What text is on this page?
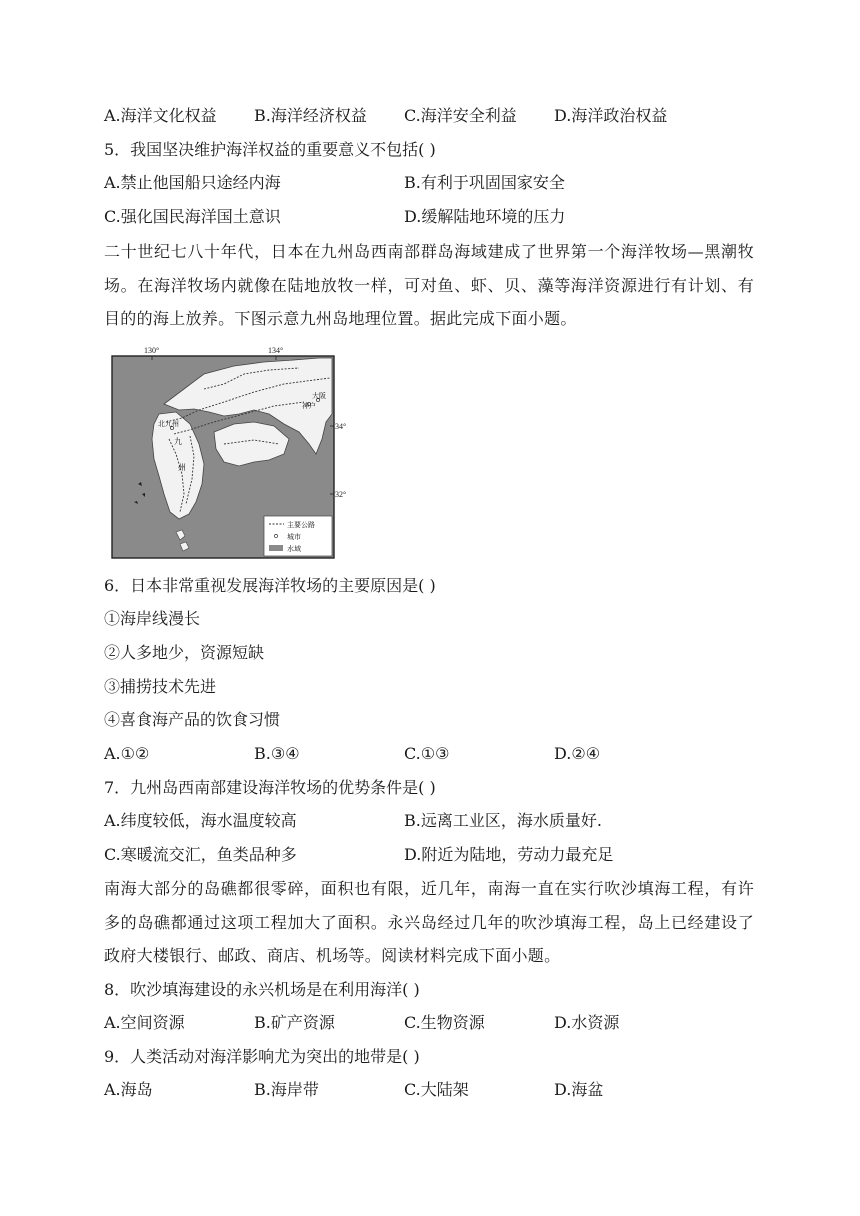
A.海洋文化权益 B.海洋经济权益 C.海洋安全利益 D.海洋政治权益
5．我国坚决维护海洋权益的重要意义不包括( )
A.禁止他国船只途经内海	B.有利于巩固国家安全
C.强化国民海洋国土意识	D.缓解陆地环境的压力
二十世纪七八十年代，日本在九州岛西南部群岛海域建成了世界第一个海洋牧场—黑潮牧场。在海洋牧场内就像在陆地放牧一样，可对鱼、虾、贝、藻等海洋资源进行有计划、有目的的海上放养。下图示意九州岛地理位置。据此完成下面小题。
130°	134°
34°
32°
北九州
九
州
大阪
神户
主要公路
城市
水域
6．日本非常重视发展海洋牧场的主要原因是( )
①海岸线漫长
②人多地少，资源短缺
③捕捞技术先进
④喜食海产品的饮食习惯
A.①②	B.③④	C.①③	D.②④
7．九州岛西南部建设海洋牧场的优势条件是( )
A.纬度较低，海水温度较高	B.远离工业区，海水质量好.
C.寒暖流交汇，鱼类品种多	D.附近为陆地，劳动力最充足
南海大部分的岛礁都很零碎，面积也有限，近几年，南海一直在实行吹沙填海工程，有许多的岛礁都通过这项工程加大了面积。永兴岛经过几年的吹沙填海工程，岛上已经建设了政府大楼银行、邮政、商店、机场等。阅读材料完成下面小题。
8．吹沙填海建设的永兴机场是在利用海洋( )
A.空间资源	B.矿产资源	C.生物资源	D.水资源
9．人类活动对海洋影响尤为突出的地带是( )
A.海岛	B.海岸带	C.大陆架	D.海盆
